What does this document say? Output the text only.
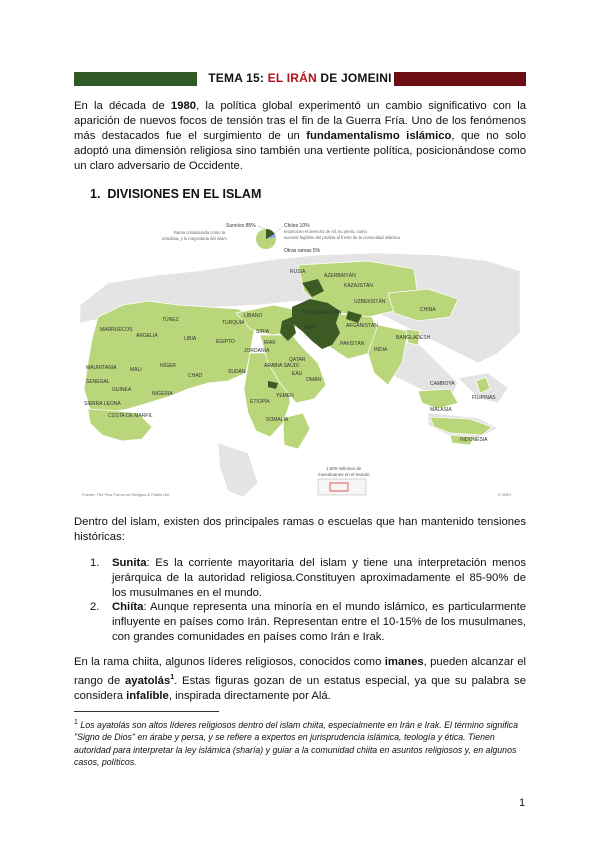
TEMA 15: EL IRÁN DE JOMEINI
En la década de 1980, la política global experimentó un cambio significativo con la aparición de nuevos focos de tensión tras el fin de la Guerra Fría. Uno de los fenómenos más destacados fue el surgimiento de un fundamentalismo islámico, que no solo adoptó una dimensión religiosa sino también una vertiente política, posicionándose como un claro adversario de Occidente.
1. DIVISIONES EN EL ISLAM
Sunníes 85%
Rama considerada como la
ortodoxa, y la mayoritaria del islam
Chiíes 10%
reconocen el derecho de Alí, su yerno, como
sucesor legítimo del profeta al frente de la comunidad islámica
Otras ramas 5%
1.500 millones de
musulmanes en el mundo
Fuente: The Pew Forum on Religion & Public Life	© WIKI
RUSIA
KAZAJSTÁN
TURKMENISTÁN
UZBEKISTÁN
AFGANISTÁN
TURQUÍA
SIRIA
IRAK
IRÁN
JORDANIA
ARABIA SAUDÍ
QATAR
EAU
OMÁN
YEMEN
PAKISTÁN
INDIA
CHINA
TÚNEZ
MARRUECOS
ARGELIA	LIBIA	EGIPTO
SUDÁN
ETIOPÍA
SOMALIA
MAURITANIA	MALI
NÍGER
CHAD
SENEGAL
GUINEA
NIGERIA
SIERRA LEONA
COSTA DE MARFIL
BANGLADESH
FILIPINAS
MALASIA
INDONESIA
CAMBOYA
AZERBAIYÁN
LÍBANO
Dentro del islam, existen dos principales ramas o escuelas que han mantenido tensiones históricas:
1. Sunita: Es la corriente mayoritaria del islam y tiene una interpretación menos jerárquica de la autoridad religiosa.Constituyen aproximadamente el 85-90% de los musulmanes en el mundo.
2. Chiíta: Aunque representa una minoría en el mundo islámico, es particularmente influyente en países como Irán. Representan entre el 10-15% de los musulmanes, con grandes comunidades en países como Irán e Irak.
En la rama chiita, algunos líderes religiosos, conocidos como imanes, pueden alcanzar el rango de ayatolás$^1$. Estas figuras gozan de un estatus especial, ya que su palabra se considera infalible, inspirada directamente por Alá.
$^1$ Los ayatolás son altos líderes religiosos dentro del islam chiita, especialmente en Irán e Irak. El término significa "Signo de Dios" en árabe y persa, y se refiere a expertos en jurisprudencia islámica, teología y ética. Tienen autoridad para interpretar la ley islámica (sharía) y guiar a la comunidad chiita en asuntos religiosos y, en algunos casos, políticos.
1
